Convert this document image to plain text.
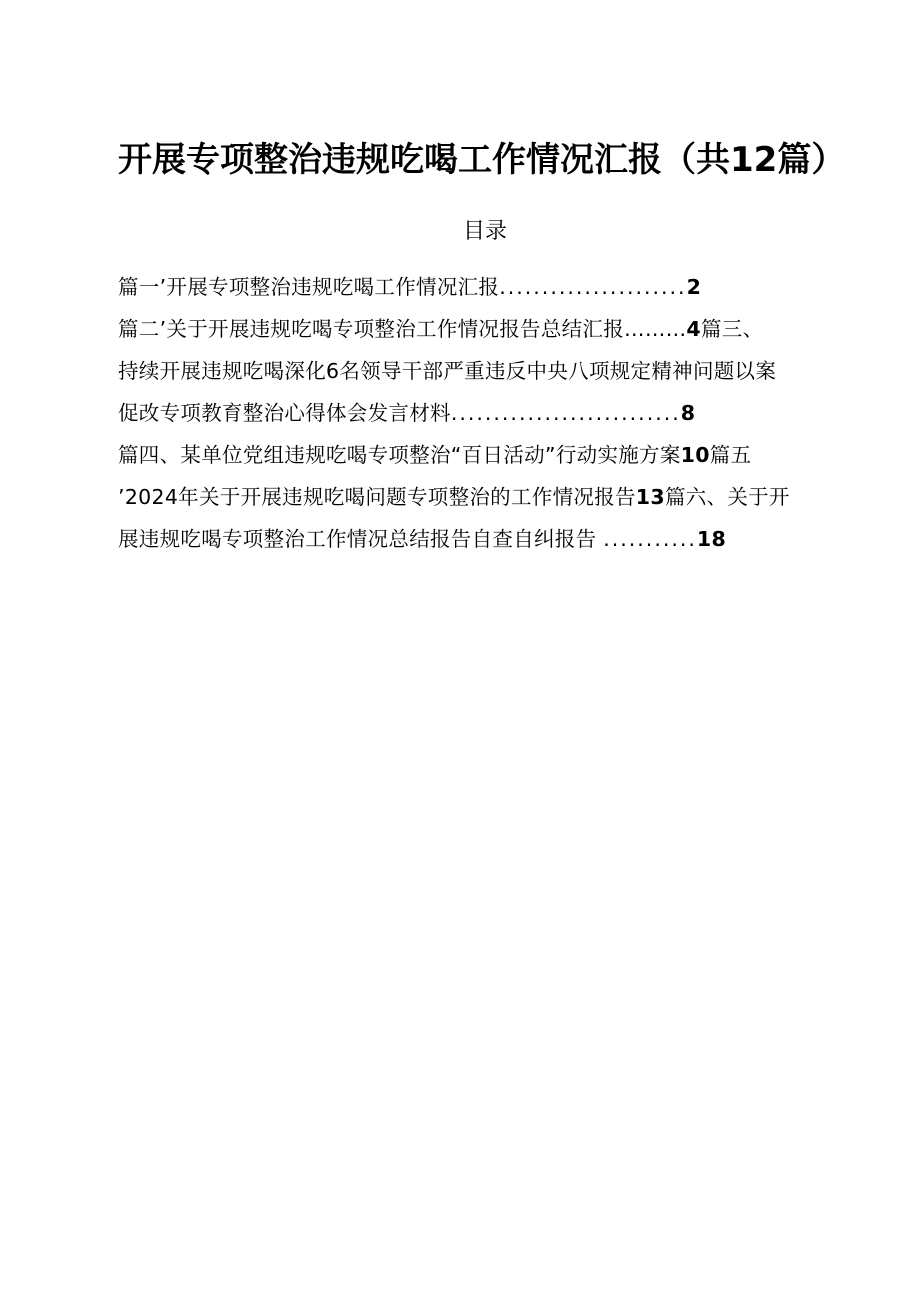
开展专项整治违规吃喝工作情况汇报（共12篇）
目录
篇一’开展专项整治违规吃喝工作情况汇报......................2
篇二’关于开展违规吃喝专项整治工作情况报告总结汇报………4篇三、
持续开展违规吃喝深化6名领导干部严重违反中央八项规定精神问题以案
促改专项教育整治心得体会发言材料...........................8
篇四、某单位党组违规吃喝专项整治“百日活动”行动实施方案10篇五
’2024年关于开展违规吃喝问题专项整治的工作情况报告13篇六、关于开
展违规吃喝专项整治工作情况总结报告自查自纠报告 ...........18
